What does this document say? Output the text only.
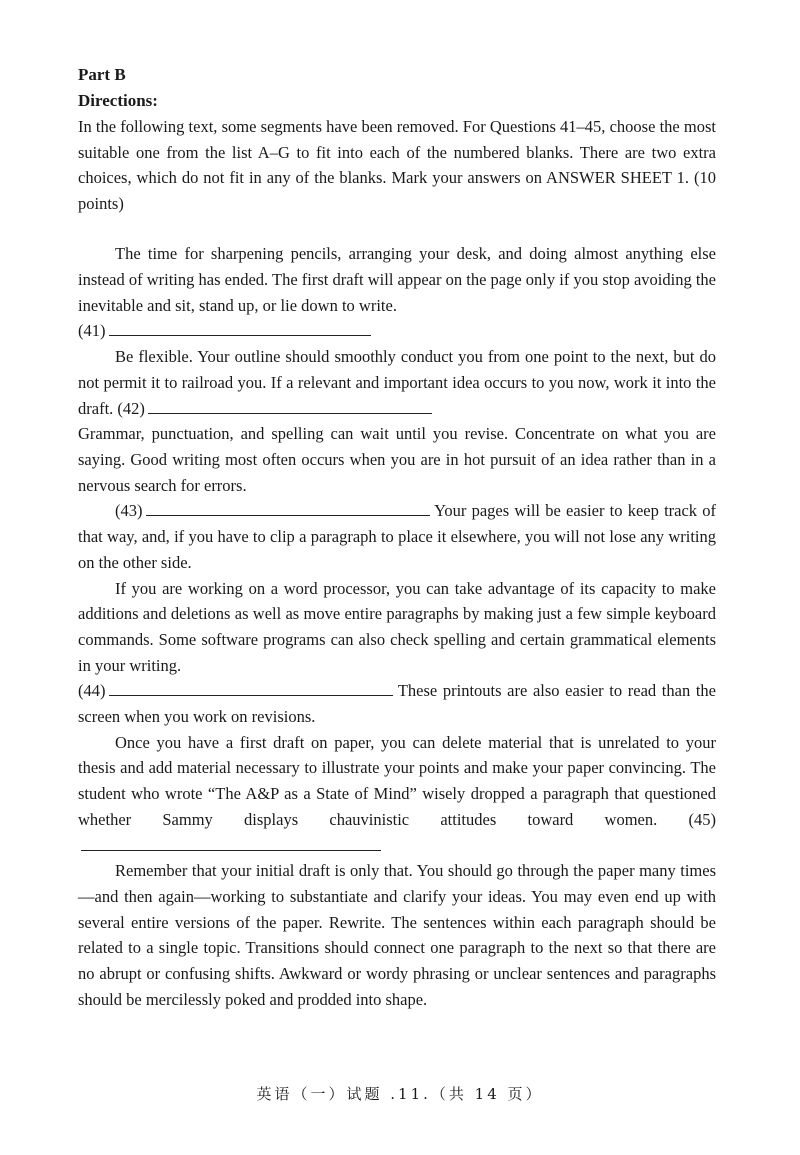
Part B
Directions:
In the following text, some segments have been removed. For Questions 41–45, choose the most suitable one from the list A–G to fit into each of the numbered blanks. There are two extra choices, which do not fit in any of the blanks. Mark your answers on ANSWER SHEET 1. (10 points)

The time for sharpening pencils, arranging your desk, and doing almost anything else instead of writing has ended. The first draft will appear on the page only if you stop avoiding the inevitable and sit, stand up, or lie down to write.
(41)

Be flexible. Your outline should smoothly conduct you from one point to the next, but do not permit it to railroad you. If a relevant and important idea occurs to you now, work it into the draft. (42)

Grammar, punctuation, and spelling can wait until you revise. Concentrate on what you are saying. Good writing most often occurs when you are in hot pursuit of an idea rather than in a nervous search for errors.

(43)	Your pages will be easier to keep track of that way, and, if you have to clip a paragraph to place it elsewhere, you will not lose any writing on the other side.

If you are working on a word processor, you can take advantage of its capacity to make additions and deletions as well as move entire paragraphs by making just a few simple keyboard commands. Some software programs can also check spelling and certain grammatical elements in your writing.
(44)	These printouts are also easier to read than the screen when you work on revisions.

Once you have a first draft on paper, you can delete material that is unrelated to your thesis and add material necessary to illustrate your points and make your paper convincing. The student who wrote “The A&P as a State of Mind” wisely dropped a paragraph that questioned whether Sammy displays chauvinistic attitudes toward women. (45)

Remember that your initial draft is only that. You should go through the paper many times—and then again—working to substantiate and clarify your ideas. You may even end up with several entire versions of the paper. Rewrite. The sentences within each paragraph should be related to a single topic. Transitions should connect one paragraph to the next so that there are no abrupt or confusing shifts. Awkward or wordy phrasing or unclear sentences and paragraphs should be mercilessly poked and prodded into shape.

英语（一）试题 .11.（共 14 页）
